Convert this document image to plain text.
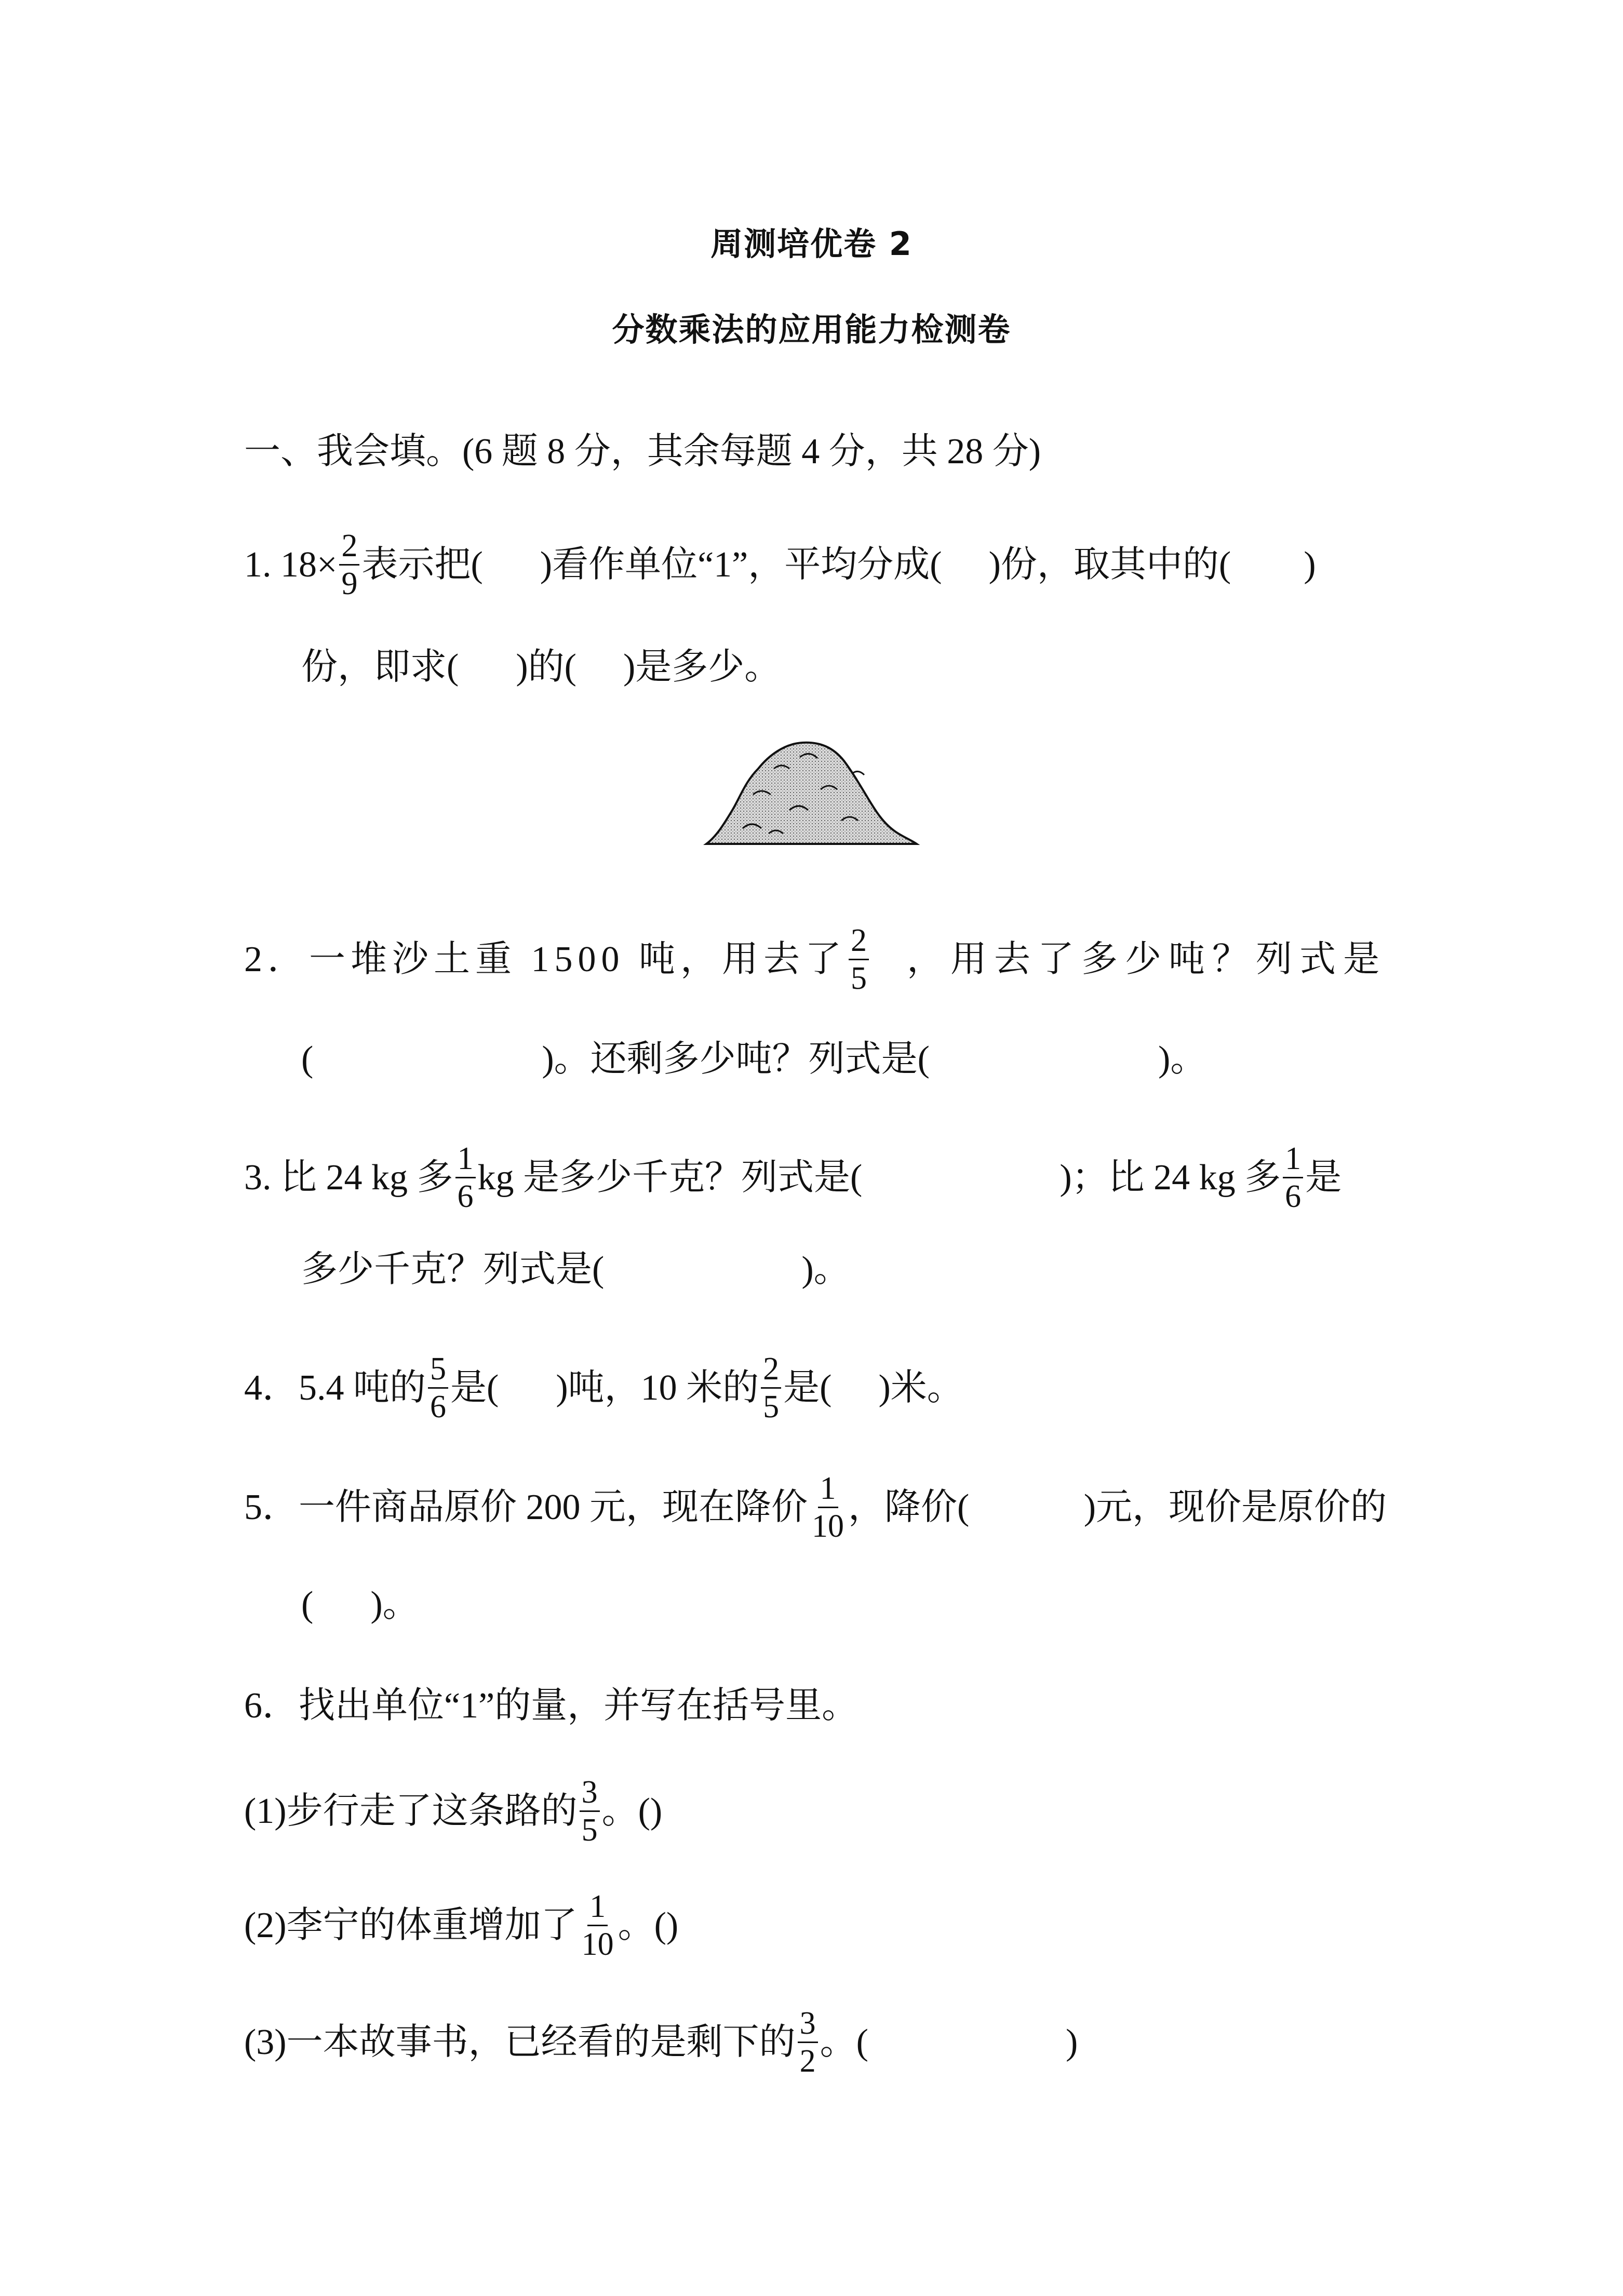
周测培优卷 2
分数乘法的应用能力检测卷
一、我会填。(6 题 8 分，其余每题 4 分，共 28 分)
1. $18\times \frac{2}{9}$ 表示把( )看作单位“1”，平均分成( )份，取其中的( )
份，即求( )的( )是多少。
2．一堆沙土重 1500 吨，用去了 $\frac{2}{5}$ ，用去了多少吨？列式是
(	)。还剩多少吨？列式是(	)。
3. 比 24 kg 多 $\frac{1}{6}$ kg 是多少千克？列式是(	)；比 24 kg 多 $\frac{1}{6}$ 是
多少千克？列式是(	)。
4．5.4 吨的 $\frac{5}{6}$ 是( )吨，10 米的 $\frac{2}{5}$ 是( )米。
5．一件商品原价 200 元，现在降价 $\frac{1}{10}$ ，降价(	)元，现价是原价的
( )。
6．找出单位“1”的量，并写在括号里。
(1)步行走了这条路的 $\frac{3}{5}$ 。()
(2)李宁的体重增加了 $\frac{1}{10}$ 。()
(3)一本故事书，已经看的是剩下的 $\frac{3}{2}$ 。(	)
